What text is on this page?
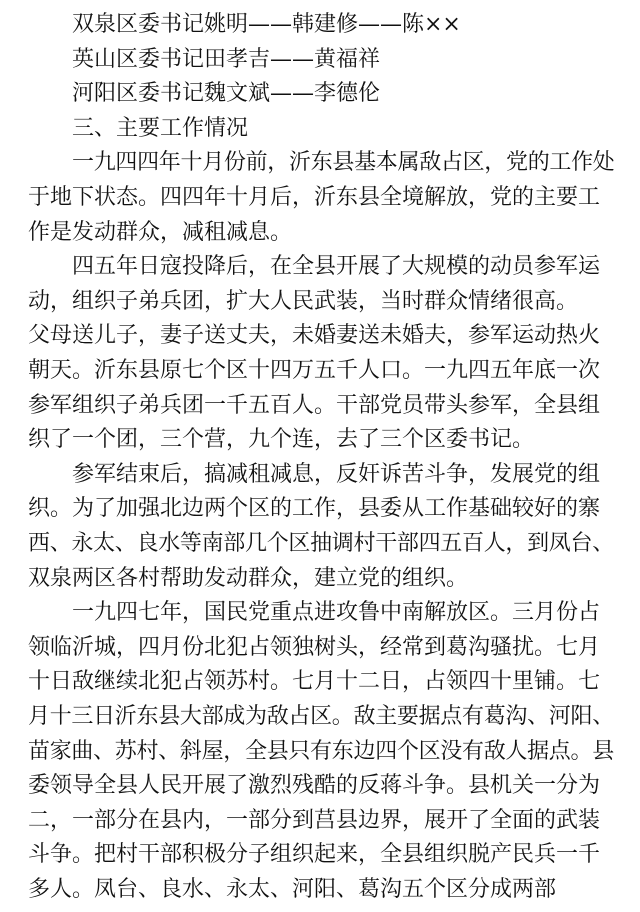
双泉区委书记姚明——韩建修——陈××
英山区委书记田孝吉——黄福祥
河阳区委书记魏文斌——李德伦
三、主要工作情况
一九四四年十月份前，沂东县基本属敌占区，党的工作处
于地下状态。四四年十月后，沂东县全境解放，党的主要工
作是发动群众，减租减息。
四五年日寇投降后，在全县开展了大规模的动员参军运
动，组织子弟兵团，扩大人民武装，当时群众情绪很高。
父母送儿子，妻子送丈夫，未婚妻送未婚夫，参军运动热火
朝天。沂东县原七个区十四万五千人口。一九四五年底一次
参军组织子弟兵团一千五百人。干部党员带头参军，全县组
织了一个团，三个营，九个连，去了三个区委书记。
参军结束后，搞减租减息，反奸诉苦斗争，发展党的组
织。为了加强北边两个区的工作，县委从工作基础较好的寨
西、永太、良水等南部几个区抽调村干部四五百人，到凤台、
双泉两区各村帮助发动群众，建立党的组织。
一九四七年，国民党重点进攻鲁中南解放区。三月份占
领临沂城，四月份北犯占领独树头，经常到葛沟骚扰。七月
十日敌继续北犯占领苏村。七月十二日，占领四十里铺。七
月十三日沂东县大部成为敌占区。敌主要据点有葛沟、河阳、
苗家曲、苏村、斜屋，全县只有东边四个区没有敌人据点。县
委领导全县人民开展了激烈残酷的反蒋斗争。县机关一分为
二，一部分在县内，一部分到莒县边界，展开了全面的武装
斗争。把村干部积极分子组织起来，全县组织脱产民兵一千
多人。凤台、良水、永太、河阳、葛沟五个区分成两部
